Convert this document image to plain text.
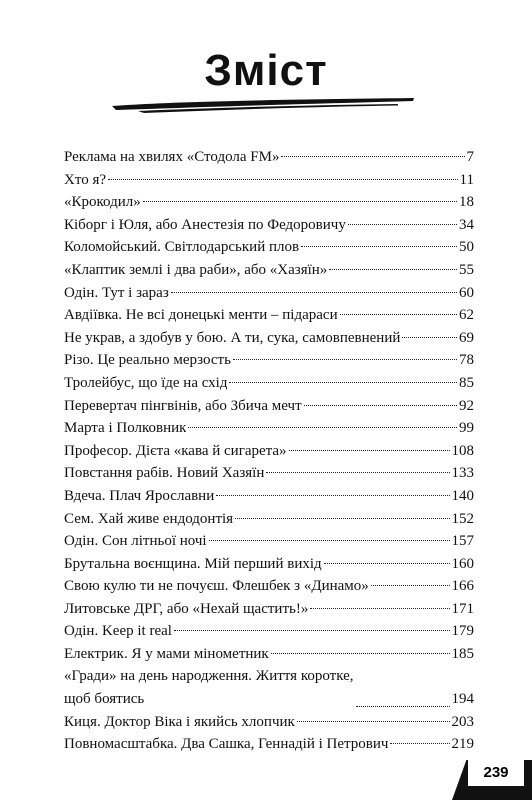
Зміст
Реклама на хвилях «Стодола FM»	7
Хто я?	11
«Крокодил»	18
Кіборг і Юля, або Анестезія по Федоровичу	34
Коломойський. Світлодарський плов	50
«Клаптик землі і два раби», або «Хазяїн»	55
Одін. Тут і зараз	60
Авдіївка. Не всі донецькі менти – підараси	62
Не украв, а здобув у бою. А ти, сука, самовпевнений	69
Різо. Це реально мерзость	78
Тролейбус, що їде на схід	85
Перевертач пінгвінів, або Збича мечт	92
Марта і Полковник	99
Професор. Дієта «кава й сигарета»	108
Повстання рабів. Новий Хазяїн	133
Вдеча. Плач Ярославни	140
Сем. Хай живе ендодонтія	152
Одін. Сон літньої ночі	157
Брутальна воєнщина. Мій перший вихід	160
Свою кулю ти не почуєш. Флешбек з «Динамо»	166
Литовське ДРГ, або «Нехай щастить!»	171
Одін. Keep it real	179
Електрик. Я у мами мінометник	185
«Гради» на день народження. Життя коротке,
щоб боятись	194
Киця. Доктор Віка і якийсь хлопчик	203
Повномасштабка. Два Сашка, Геннадій і Петрович	219
239
